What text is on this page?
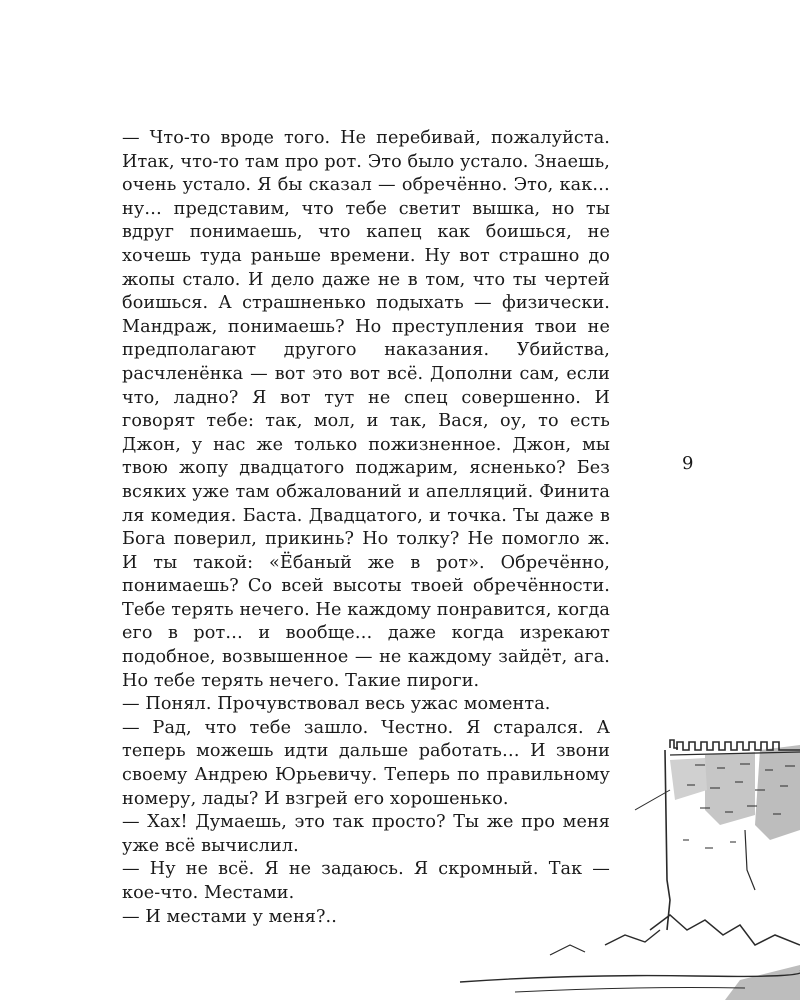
— Что-то вроде того. Не перебивай, пожалуйста. Итак, что-то там про рот. Это было устало. Знаешь, очень устало. Я бы сказал — обречённо. Это, как… ну… представим, что тебе светит вышка, но ты вдруг понимаешь, что капец как боишься, не хочешь туда раньше времени. Ну вот страшно до жопы стало. И дело даже не в том, что ты чертей боишься. А страшненько подыхать — физически. Мандраж, понимаешь? Но преступления твои не предполагают другого наказания. Убийства, расчленёнка — вот это вот всё. Дополни сам, если что, ладно? Я вот тут не спец совершенно. И говорят тебе: так, мол, и так, Вася, оу, то есть Джон, у нас же только пожизненное. Джон, мы твою жопу двадцатого поджарим, ясненько? Без всяких уже там обжалований и апелляций. Финита ля комедия. Баста. Двадцатого, и точка. Ты даже в Бога поверил, прикинь? Но толку? Не помогло ж. И ты такой: «Ёбаный же в рот». Обречённо, понимаешь? Со всей высоты твоей обречённости. Тебе терять нечего. Не каждому понравится, когда его в рот… и вообще… даже когда изрекают подобное, возвышенное — не каждому зайдёт, ага. Но тебе терять нечего. Такие пироги.

— Понял. Прочувствовал весь ужас момента.

— Рад, что тебе зашло. Честно. Я старался. А теперь можешь идти дальше работать… И звони своему Андрею Юрьевичу. Теперь по правильному номеру, лады? И взгрей его хорошенько.

— Хах! Думаешь, это так просто? Ты же про меня уже всё вычислил.

— Ну не всё. Я не задаюсь. Я скромный. Так — кое-что. Местами.

— И местами у меня?..

9
